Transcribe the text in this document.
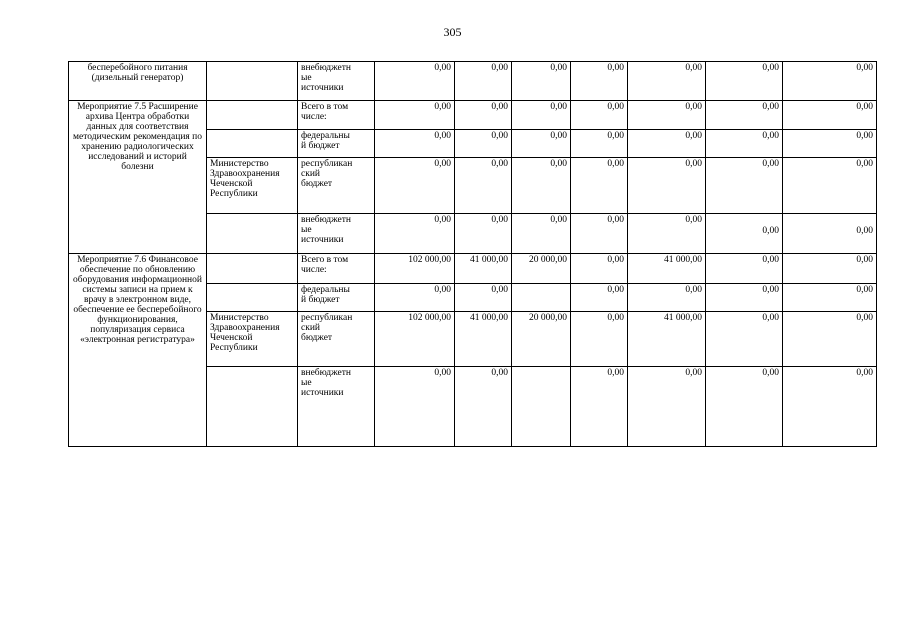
305
бесперебойного питания (дизельный генератор)		внебюджетн
ые
источники	0,00	0,00	0,00	0,00	0,00	0,00	0,00
Мероприятие 7.5 Расширение архива Центра обработки данных для соответствия методическим рекомендация по хранению радиологических исследований и историй болезни		Всего в том
числе:	0,00	0,00	0,00	0,00	0,00	0,00	0,00

		федеральны
й бюджет	0,00	0,00	0,00	0,00	0,00	0,00	0,00
	Министерство Здравоохранения Чеченской Республики	республикан
ский
бюджет	0,00	0,00	0,00	0,00	0,00	0,00	0,00

		внебюджетн
ые
источники	0,00	0,00	0,00	0,00	0,00	0,00	0,00
Мероприятие 7.6 Финансовое обеспечение по обновлению оборудования информационной системы записи на прием к врачу в электронном виде, обеспечение ее бесперебойного функционирования, популяризация сервиса «электронная регистратура»		Всего в том
числе:	102 000,00	41 000,00	20 000,00	0,00	41 000,00	0,00	0,00

		федеральны
й бюджет	0,00	0,00		0,00	0,00	0,00	0,00
	Министерство Здравоохранения Чеченской Республики	республикан
ский
бюджет	102 000,00	41 000,00	20 000,00	0,00	41 000,00	0,00	0,00

		внебюджетн
ые
источники	0,00	0,00		0,00	0,00	0,00	0,00
